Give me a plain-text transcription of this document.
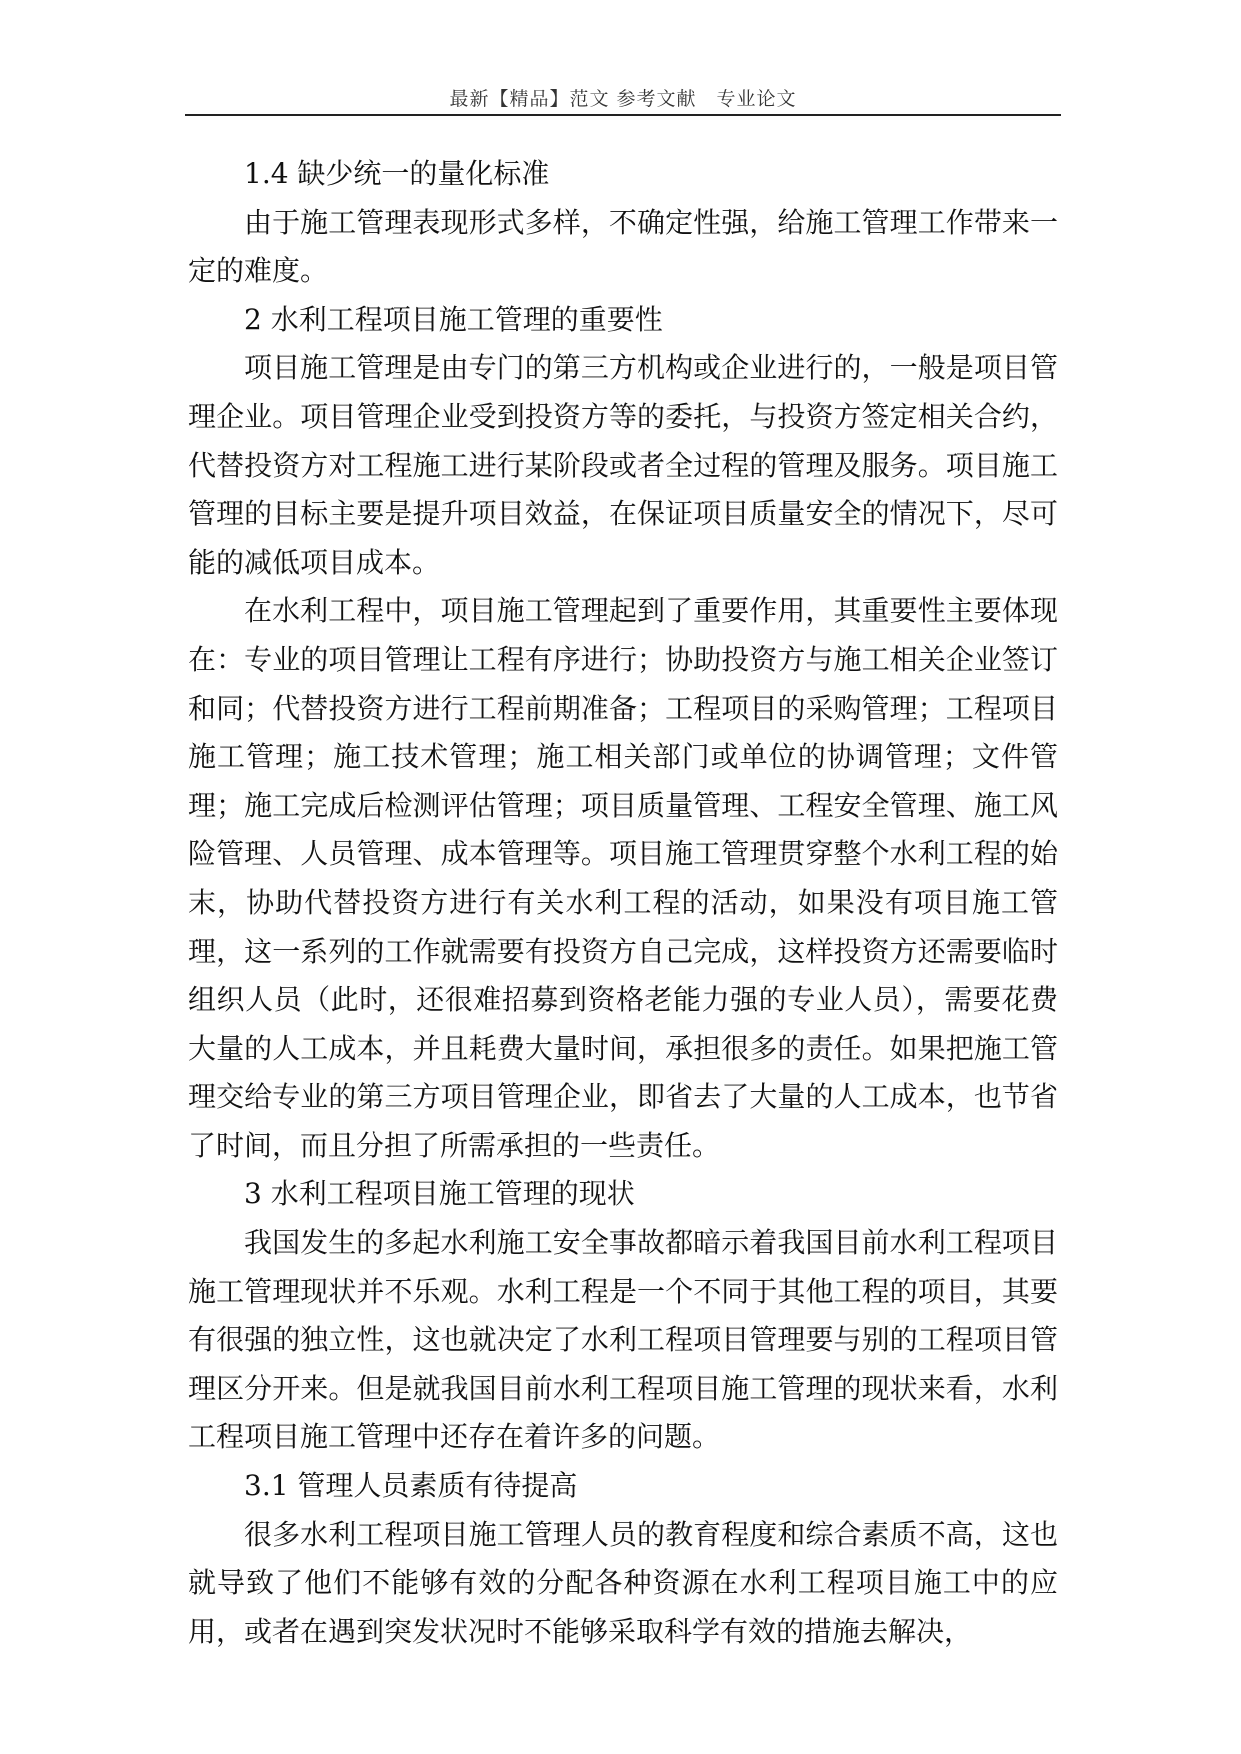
最新【精品】范文 参考文献　专业论文

1.4 缺少统一的量化标准

由于施工管理表现形式多样，不确定性强，给施工管理工作带来一定的难度。

2 水利工程项目施工管理的重要性

项目施工管理是由专门的第三方机构或企业进行的，一般是项目管理企业。项目管理企业受到投资方等的委托，与投资方签定相关合约，代替投资方对工程施工进行某阶段或者全过程的管理及服务。项目施工管理的目标主要是提升项目效益，在保证项目质量安全的情况下，尽可能的减低项目成本。

在水利工程中，项目施工管理起到了重要作用，其重要性主要体现在：专业的项目管理让工程有序进行；协助投资方与施工相关企业签订和同；代替投资方进行工程前期准备；工程项目的采购管理；工程项目施工管理；施工技术管理；施工相关部门或单位的协调管理；文件管理；施工完成后检测评估管理；项目质量管理、工程安全管理、施工风险管理、人员管理、成本管理等。项目施工管理贯穿整个水利工程的始末，协助代替投资方进行有关水利工程的活动，如果没有项目施工管理，这一系列的工作就需要有投资方自己完成，这样投资方还需要临时组织人员（此时，还很难招募到资格老能力强的专业人员），需要花费大量的人工成本，并且耗费大量时间，承担很多的责任。如果把施工管理交给专业的第三方项目管理企业，即省去了大量的人工成本，也节省了时间，而且分担了所需承担的一些责任。

3 水利工程项目施工管理的现状

我国发生的多起水利施工安全事故都暗示着我国目前水利工程项目施工管理现状并不乐观。水利工程是一个不同于其他工程的项目，其要有很强的独立性，这也就决定了水利工程项目管理要与别的工程项目管理区分开来。但是就我国目前水利工程项目施工管理的现状来看，水利工程项目施工管理中还存在着许多的问题。

3.1 管理人员素质有待提高

很多水利工程项目施工管理人员的教育程度和综合素质不高，这也就导致了他们不能够有效的分配各种资源在水利工程项目施工中的应用，或者在遇到突发状况时不能够采取科学有效的措施去解决，
